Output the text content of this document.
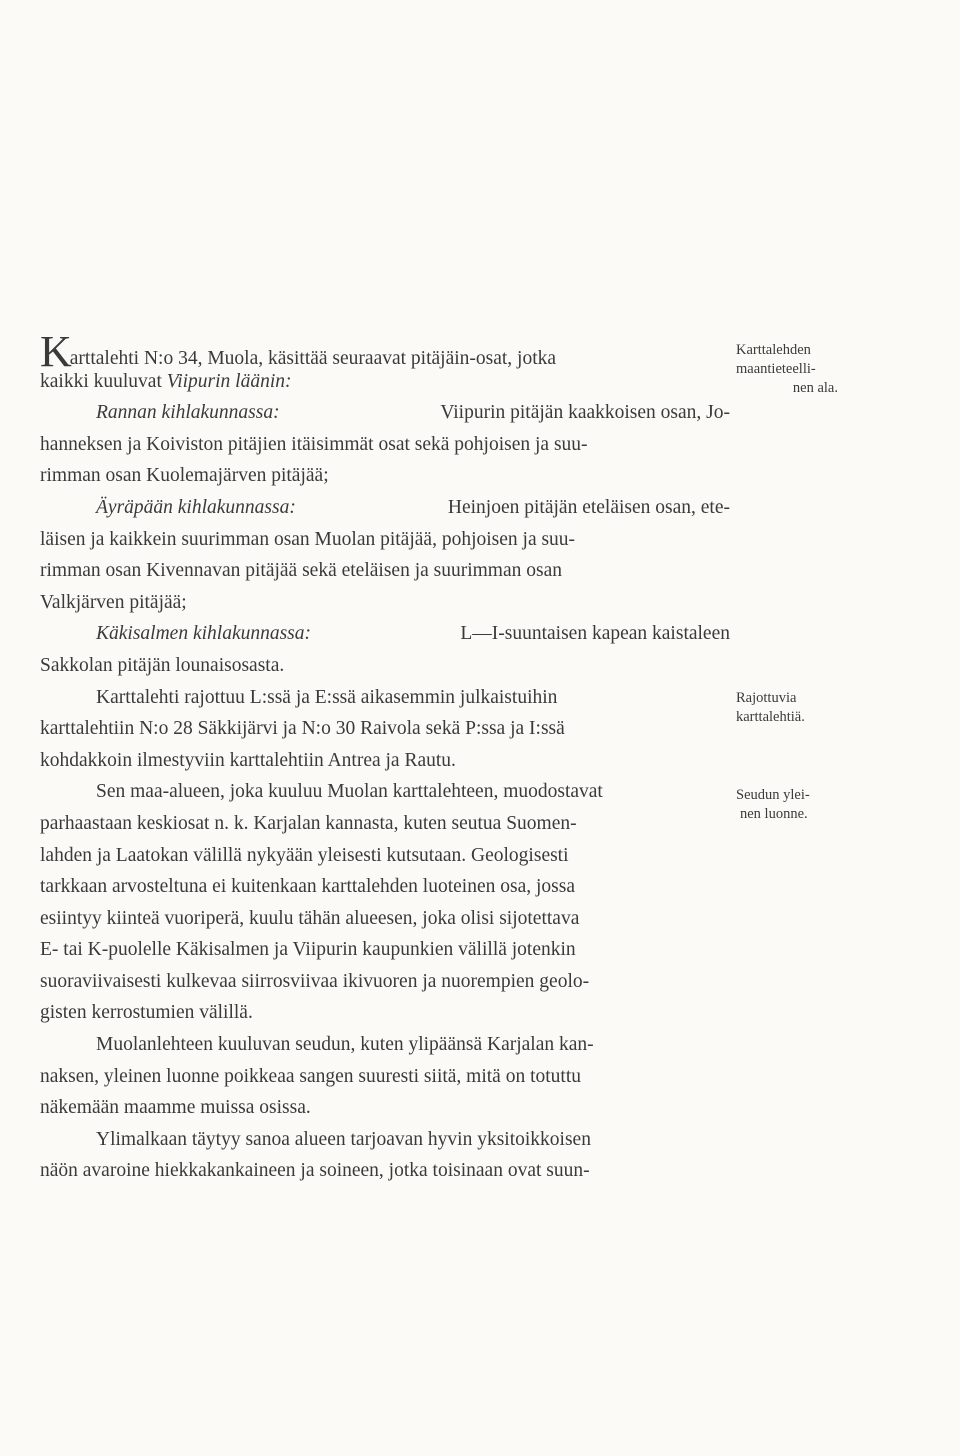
Karttalehti N:o 34, Muola, käsittää seuraavat pitäjäin-osat, jotka
kaikki kuuluvat
Viipurin läänin:
Rannan kihlakunnassa:	Viipurin pitäjän kaakkoisen osan, Jo-
hanneksen ja Koiviston pitäjien itäisimmät osat sekä pohjoisen ja suu-
rimman osan Kuolemajärven pitäjää;
Äyräpään kihlakunnassa:	Heinjoen pitäjän eteläisen osan, ete-
läisen ja kaikkein suurimman osan Muolan pitäjää, pohjoisen ja suu-
rimman osan Kivennavan pitäjää sekä eteläisen ja suurimman osan
Valkjärven pitäjää;
Käkisalmen kihlakunnassa:	L—I-suuntaisen kapean kaistaleen
Sakkolan pitäjän lounaisosasta.
Karttalehti rajottuu L:ssä ja E:ssä aikasemmin julkaistuihin
karttalehtiin N:o 28 Säkkijärvi ja N:o 30 Raivola sekä P:ssa ja I:ssä
kohdakkoin ilmestyviin karttalehtiin Antrea ja Rautu.
Sen maa-alueen, joka kuuluu Muolan karttalehteen, muodostavat
parhaastaan keskiosat n. k. Karjalan kannasta, kuten seutua Suomen-
lahden ja Laatokan välillä nykyään yleisesti kutsutaan. Geologisesti
tarkkaan arvosteltuna ei kuitenkaan karttalehden luoteinen osa, jossa
esiintyy kiinteä vuoriperä, kuulu tähän alueesen, joka olisi sijotettava
E- tai K-puolelle Käkisalmen ja Viipurin kaupunkien välillä jotenkin
suoraviivaisesti kulkevaa siirrosviivaa ikivuoren ja nuorempien geolo-
gisten kerrostumien välillä.
Muolanlehteen kuuluvan seudun, kuten ylipäänsä Karjalan kan-
naksen, yleinen luonne poikkeaa sangen suuresti siitä, mitä on totuttu
näkemään maamme muissa osissa.
Ylimalkaan täytyy sanoa alueen tarjoavan hyvin yksitoikkoisen
näön avaroine hiekkakankaineen ja soineen, jotka toisinaan ovat suun-
Karttalehden
maantieteelli-
nen ala.
Rajottuvia
karttalehtiä.
Seudun ylei-
nen luonne.
